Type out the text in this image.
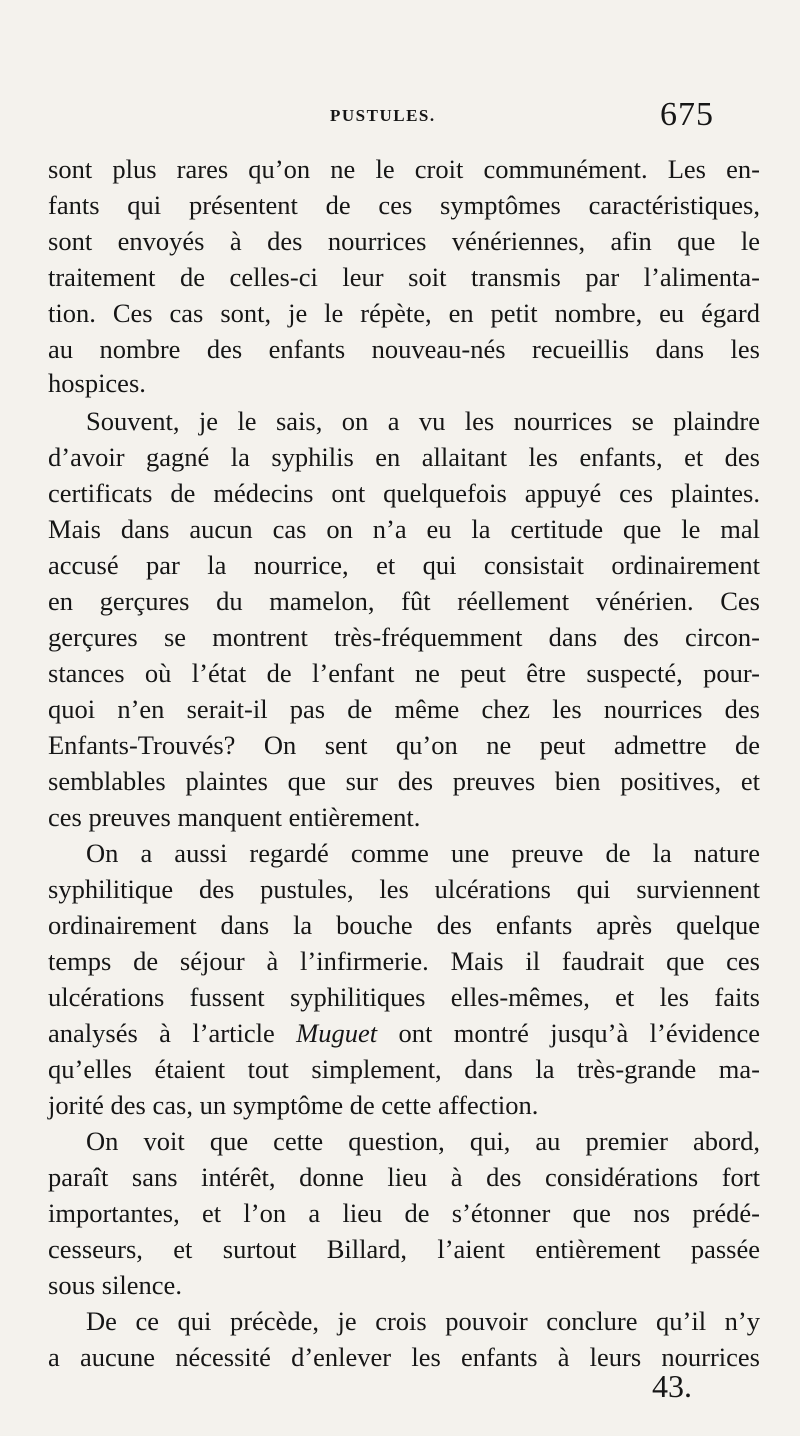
PUSTULES.	675
sont plus rares qu’on ne le croit communément. Les en-
fants qui présentent de ces symptômes caractéristiques,
sont envoyés à des nourrices vénériennes, afin que le
traitement de celles-ci leur soit transmis par l’alimenta-
tion. Ces cas sont, je le répète, en petit nombre, eu égard
au nombre des enfants nouveau-nés recueillis dans les
hospices.
Souvent, je le sais, on a vu les nourrices se plaindre
d’avoir gagné la syphilis en allaitant les enfants, et des
certificats de médecins ont quelquefois appuyé ces plaintes.
Mais dans aucun cas on n’a eu la certitude que le mal
accusé par la nourrice, et qui consistait ordinairement
en gerçures du mamelon, fût réellement vénérien. Ces
gerçures se montrent très-fréquemment dans des circon-
stances où l’état de l’enfant ne peut être suspecté, pour-
quoi n’en serait-il pas de même chez les nourrices des
Enfants-Trouvés? On sent qu’on ne peut admettre de
semblables plaintes que sur des preuves bien positives, et
ces preuves manquent entièrement.
On a aussi regardé comme une preuve de la nature
syphilitique des pustules, les ulcérations qui surviennent
ordinairement dans la bouche des enfants après quelque
temps de séjour à l’infirmerie. Mais il faudrait que ces
ulcérations fussent syphilitiques elles-mêmes, et les faits
analysés à l’article Muguet ont montré jusqu’à l’évidence
qu’elles étaient tout simplement, dans la très-grande ma-
jorité des cas, un symptôme de cette affection.
On voit que cette question, qui, au premier abord,
paraît sans intérêt, donne lieu à des considérations fort
importantes, et l’on a lieu de s’étonner que nos prédé-
cesseurs, et surtout Billard, l’aient entièrement passée
sous silence.
De ce qui précède, je crois pouvoir conclure qu’il n’y
a aucune nécessité d’enlever les enfants à leurs nourrices
43.
